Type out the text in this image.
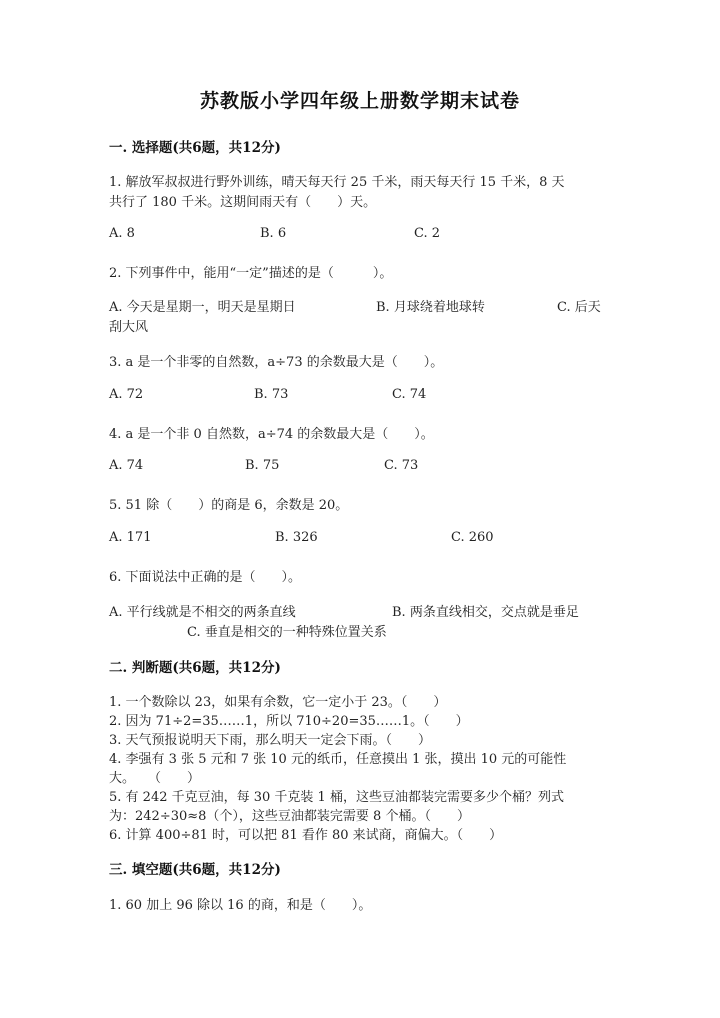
苏教版小学四年级上册数学期末试卷
一. 选择题(共6题，共12分)
1. 解放军叔叔进行野外训练，晴天每天行 25 千米，雨天每天行 15 千米，8 天
共行了 180 千米。这期间雨天有（　　）天。
A. 8	B. 6	C. 2
2. 下列事件中，能用“一定”描述的是（　　　）。
A. 今天是星期一，明天是星期日	B. 月球绕着地球转	C. 后天
刮大风
3. a 是一个非零的自然数，a÷73 的余数最大是（　　）。
A. 72	B. 73	C. 74
4. a 是一个非 0 自然数，a÷74 的余数最大是（　　）。
A. 74	B. 75	C. 73
5. 51 除（　　）的商是 6，余数是 20。
A. 171	B. 326	C. 260
6. 下面说法中正确的是（　　）。
A. 平行线就是不相交的两条直线	B. 两条直线相交，交点就是垂足
C. 垂直是相交的一种特殊位置关系
二. 判断题(共6题，共12分)
1. 一个数除以 23，如果有余数，它一定小于 23。（　　）
2. 因为 71÷2=35……1，所以 710÷20=35……1。（　　）
3. 天气预报说明天下雨，那么明天一定会下雨。（　　）
4. 李强有 3 张 5 元和 7 张 10 元的纸币，任意摸出 1 张，摸出 10 元的可能性
大。　　（　　）
5. 有 242 千克豆油，每 30 千克装 1 桶，这些豆油都装完需要多少个桶？列式
为：242÷30≈8（个），这些豆油都装完需要 8 个桶。（　　）
6. 计算 400÷81 时，可以把 81 看作 80 来试商，商偏大。（　　）
三. 填空题(共6题，共12分)
1. 60 加上 96 除以 16 的商，和是（　　）。
